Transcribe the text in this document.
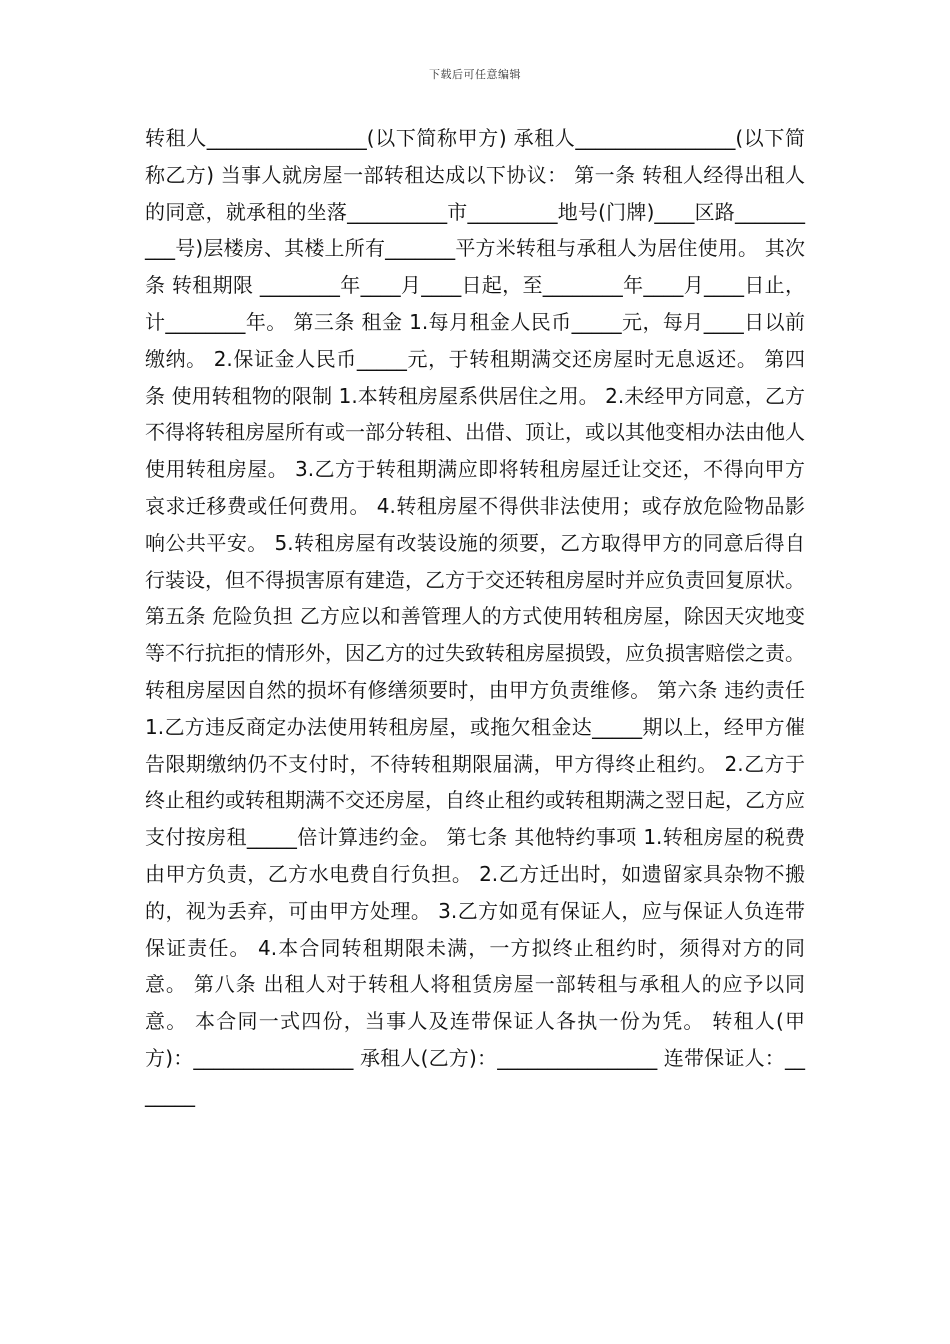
下载后可任意编辑

转租人________________(以下简称甲方) 承租人________________(以下简称乙方) 当事人就房屋一部转租达成以下协议： 第一条 转租人经得出租人的同意，就承租的坐落__________市_________地号(门牌)____区路__________号)层楼房、其楼上所有_______平方米转租与承租人为居住使用。 其次条 转租期限 ________年____月____日起，至________年____月____日止，计________年。 第三条 租金 1.每月租金人民币_____元，每月____日以前缴纳。 2.保证金人民币_____元，于转租期满交还房屋时无息返还。 第四条 使用转租物的限制 1.本转租房屋系供居住之用。 2.未经甲方同意，乙方不得将转租房屋所有或一部分转租、出借、顶让，或以其他变相办法由他人使用转租房屋。 3.乙方于转租期满应即将转租房屋迁让交还，不得向甲方哀求迁移费或任何费用。 4.转租房屋不得供非法使用；或存放危险物品影响公共平安。 5.转租房屋有改装设施的须要，乙方取得甲方的同意后得自行装设，但不得损害原有建造，乙方于交还转租房屋时并应负责回复原状。 第五条 危险负担 乙方应以和善管理人的方式使用转租房屋，除因天灾地变等不行抗拒的情形外，因乙方的过失致转租房屋损毁，应负损害赔偿之责。转租房屋因自然的损坏有修缮须要时，由甲方负责维修。 第六条 违约责任 1.乙方违反商定办法使用转租房屋，或拖欠租金达_____期以上，经甲方催告限期缴纳仍不支付时，不待转租期限届满，甲方得终止租约。 2.乙方于终止租约或转租期满不交还房屋，自终止租约或转租期满之翌日起，乙方应支付按房租_____倍计算违约金。 第七条 其他特约事项 1.转租房屋的税费由甲方负责，乙方水电费自行负担。 2.乙方迁出时，如遗留家具杂物不搬的，视为丢弃，可由甲方处理。 3.乙方如觅有保证人，应与保证人负连带保证责任。 4.本合同转租期限未满，一方拟终止租约时，须得对方的同意。 第八条 出租人对于转租人将租赁房屋一部转租与承租人的应予以同意。 本合同一式四份，当事人及连带保证人各执一份为凭。 转租人(甲方)：________________ 承租人(乙方)：________________ 连带保证人：_______
